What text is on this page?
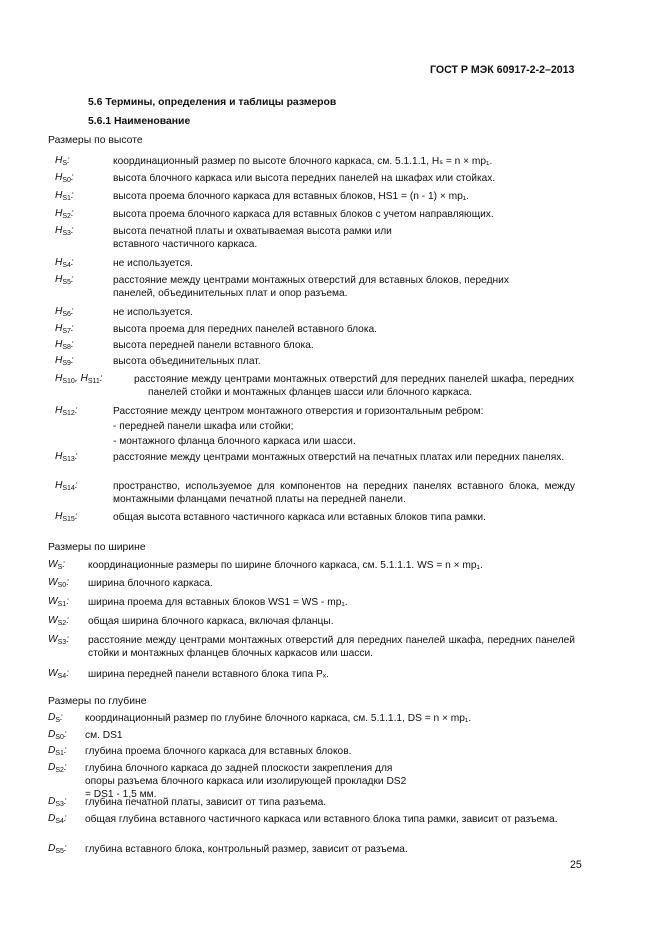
ГОСТ Р МЭК 60917-2-2–2013
5.6 Термины, определения и таблицы размеров
5.6.1 Наименование
Размеры по высоте
$H_S$:	координационный размер по высоте блочного каркаса, см. 5.1.1.1, Hₛ = n × mp₁.
$H_{S0}$:	высота блочного каркаса или высота передних панелей на шкафах или стойках.
$H_{S1}$:	высота проема блочного каркаса для вставных блоков, HS1 = (n - 1) × mp₁.
$H_{S2}$:	высота проема блочного каркаса для вставных блоков с учетом направляющих.
$H_{S3}$:	высота печатной платы и охватываемая высота рамки или вставного частичного каркаса.
$H_{S4}$:	не используется.
$H_{S5}$:	расстояние между центрами монтажных отверстий для вставных блоков, передних панелей, объединительных плат и опор разъема.
$H_{S6}$:	не используется.
$H_{S7}$:	высота проема для передних панелей вставного блока.
$H_{S8}$:	высота передней панели вставного блока.
$H_{S9}$:	высота объединительных плат.
$H_{S10}$, $H_{S11}$:	расстояние между центрами монтажных отверстий для передних панелей шкафа, передних панелей стойки и монтажных фланцев шасси или блочного каркаса.
$H_{S12}$:	Расстояние между центром монтажного отверстия и горизонтальным ребром:
- передней панели шкафа или стойки;
- монтажного фланца блочного каркаса или шасси.
$H_{S13}$:	расстояние между центрами монтажных отверстий на печатных платах или передних панелях.
$H_{S14}$:	пространство, используемое для компонентов на передних панелях вставного блока, между монтажными фланцами печатной платы на передней панели.
$H_{S15}$:	общая высота вставного частичного каркаса или вставных блоков типа рамки.
Размеры по ширине
$W_S$: координационные размеры по ширине блочного каркаса, см. 5.1.1.1. WS = n × mp₁.
$W_{S0}$: ширина блочного каркаса.
$W_{S1}$: ширина проема для вставных блоков WS1 = WS - mp₁.
$W_{S2}$: общая ширина блочного каркаса, включая фланцы.
$W_{S3}$: расстояние между центрами монтажных отверстий для передних панелей шкафа, передних панелей стойки и монтажных фланцев блочных каркасов или шасси.
$W_{S4}$: ширина передней панели вставного блока типа Pₓ.
Размеры по глубине
$D_S$: координационный размер по глубине блочного каркаса, см. 5.1.1.1, DS = n × mp₁.
$D_{S0}$: см. DS1
$D_{S1}$: глубина проема блочного каркаса для вставных блоков.
$D_{S2}$: глубина блочного каркаса до задней плоскости закрепления для опоры разъема блочного каркаса или изолирующей прокладки DS2 = DS1 - 1,5 мм.
$D_{S3}$: глубина печатной платы, зависит от типа разъема.
$D_{S4}$: общая глубина вставного частичного каркаса или вставного блока типа рамки, зависит от разъема.
$D_{S5}$: глубина вставного блока, контрольный размер, зависит от разъема.
25
